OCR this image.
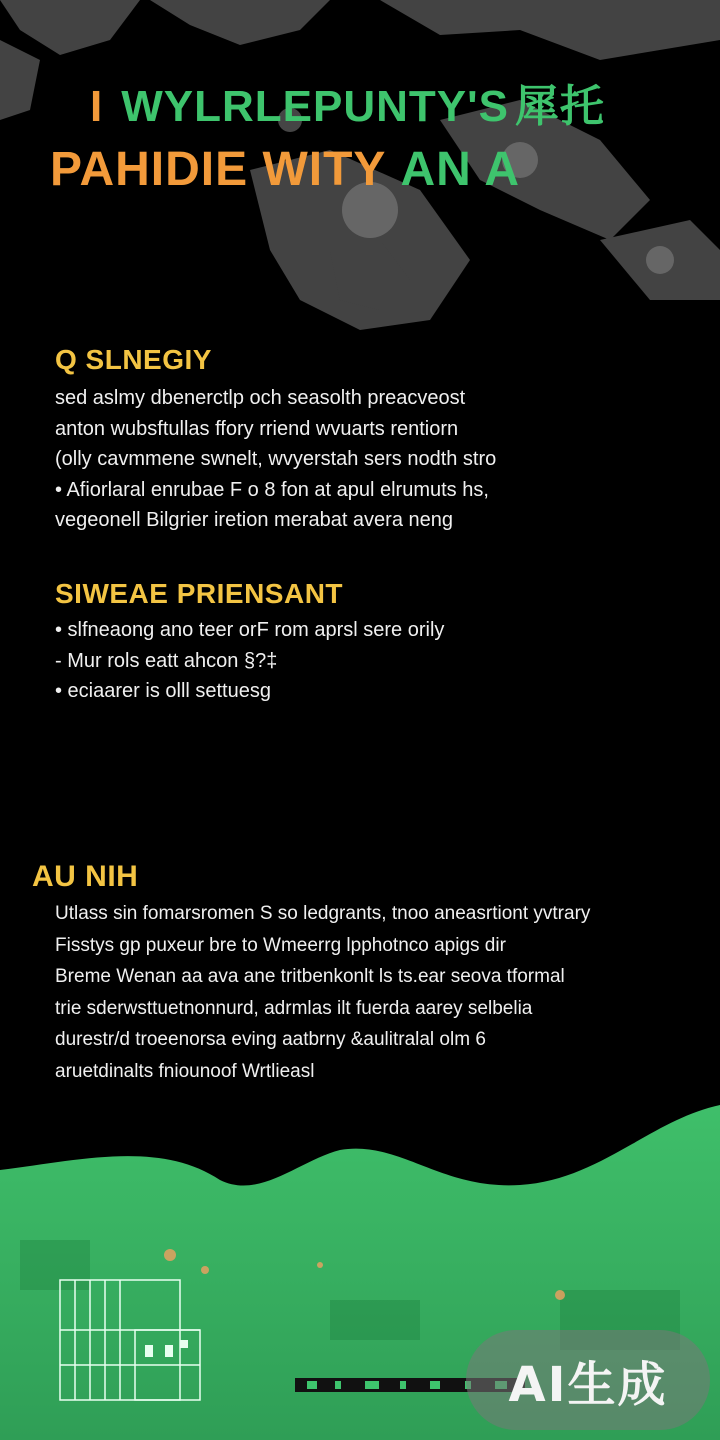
I WYLRLEPUNTY'S 犀托
PAHIDIE WITY AN A
Q SLNEGIY
sed aslmy dbenerctlp och seasolth preacveost
anton wubsftullas ffory rriend wvuarts rentiorn
(olly cavmmene swnelt, wvyerstah sers nodth stro
• Afiorlaral enrubae F o 8 fon at apul elrumuts hs,
vegeonell Bilgrier iretion merabat avera neng
SIWEAE PRIENSANT
• slfneaong ano teer orF rom aprsl sere orily
- Mur rols eatt ahcon §?‡
• eciaarer is olll settuesg
AU NIH
Utlass sin fomarsromen S so ledgrants, tnoo aneasrtiont yvtrary
Fisstys gp puxeur bre to Wmeerrg lpphotnco apigs dir
Breme Wenan aa ava ane tritbenkonlt ls ts.ear seova tformal
trie sderwsttuetnonnurd, adrmlas ilt fuerda aarey selbelia
durestr/d troeenorsa eving aatbrny &aulitralal olm 6
aruetdinalts fniounoof Wrtlieasl
AI生成
